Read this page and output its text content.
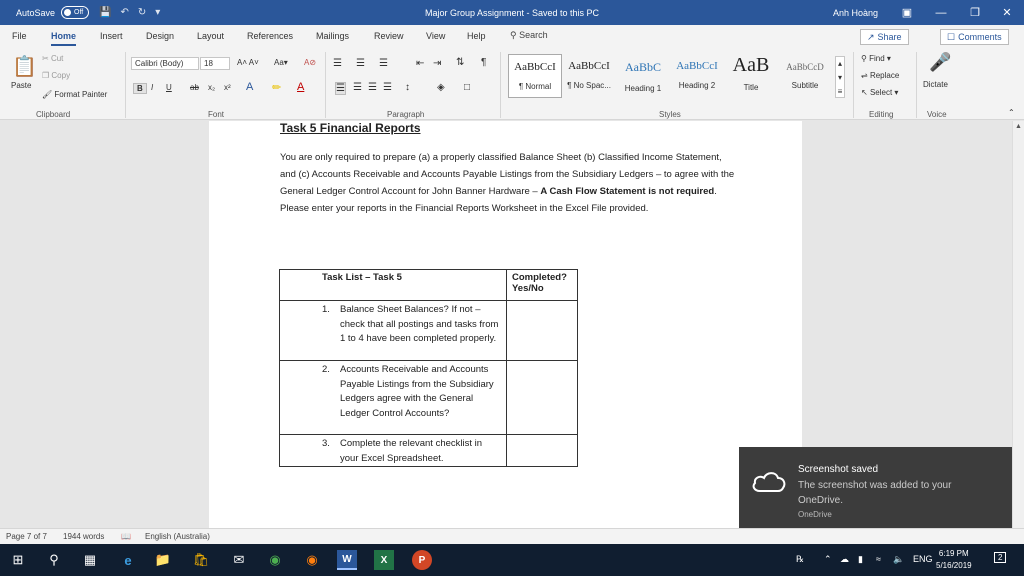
AutoSave	Off 💾 ↶ ↻ ▾	Major Group Assignment - Saved to this PC	Anh Hoàng	▣	—	❐	✕
File	Home	Insert	Design	Layout	References	Mailings	Review View Help	⚲ Search	↗ Share	☐ Comments
📋
Paste
✂ Cut
❐ Copy
🖌 Format Painter
Clipboard
Calibri (Body)	18	A˄ A˅ Aa▾ A⊘
B	I U ab x₂ x² A ✏ A
Font
☰ ☰ ☰	⇤ ⇥ ⇅ ¶
☰ ☰ ☰ ☰ ↕	◈ □
Paragraph
AaBbCcI
¶ Normal
AaBbCcI
¶ No Spac...
AaBbC
Heading 1
AaBbCcI
Heading 2
AaB
Title
AaBbCcD
Subtitle
▴
▾
≡
Styles
⚲ Find ▾
⇌ Replace
↖ Select ▾
Editing
🎤
Dictate
Voice	⌃
Task 5 Financial Reports
You are only required to prepare (a) a properly classified Balance Sheet (b) Classified Income Statement, and (c) Accounts Receivable and Accounts Payable Listings from the Subsidiary Ledgers – to agree with the General Ledger Control Account for John Banner Hardware – A Cash Flow Statement is not required. Please enter your reports in the Financial Reports Worksheet in the Excel File provided.
Task List – Task 5	Completed? Yes/No
1. Balance Sheet Balances? If not – check that all postings and tasks from 1 to 4 have been completed properly.	
2. Accounts Receivable and Accounts Payable Listings from the Subsidiary Ledgers agree with the General Ledger Control Accounts?	
3. Complete the relevant checklist in your Excel Spreadsheet.	
▲
Screenshot saved
The screenshot was added to your OneDrive.
OneDrive
Page 7 of 7 1944 words 📖 English (Australia)
⊞	⚲	▦	e	📁 🛍	✉	◉	◉	W	X	P	℞ ⌃ ☁ ▮ ≈ 🔈 ENG
6:19 PM
5/16/2019
2
